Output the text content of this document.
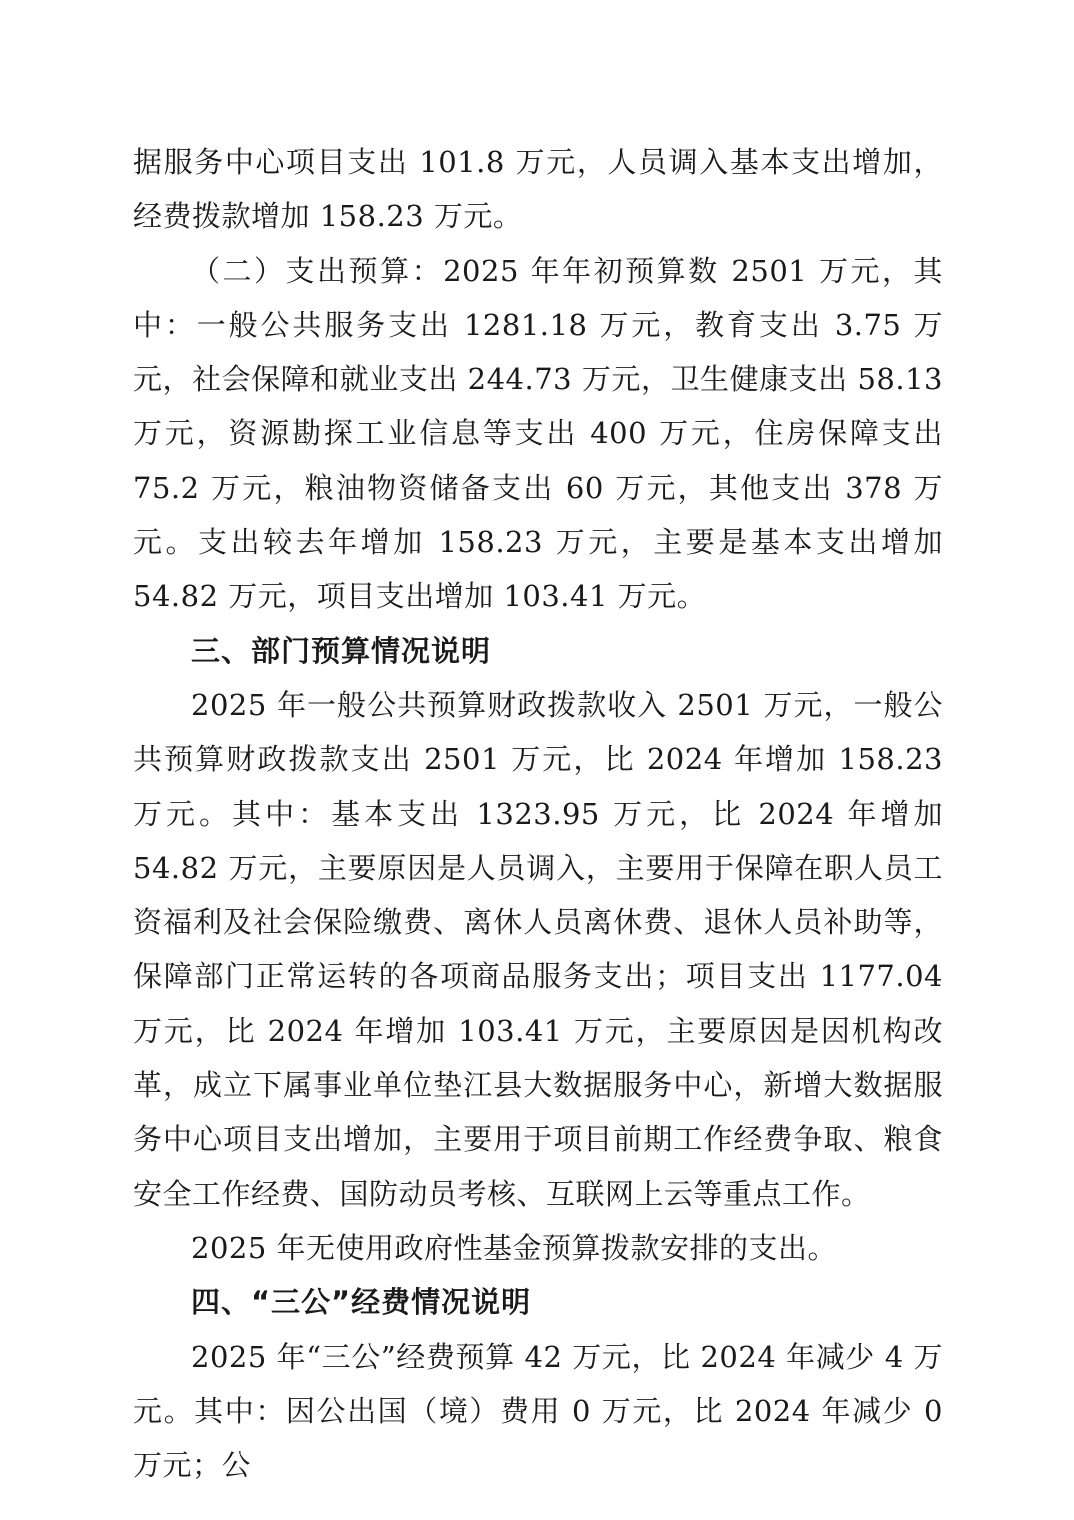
据服务中心项目支出 101.8 万元，人员调入基本支出增加，经费拨款增加 158.23 万元。

（二）支出预算：2025 年年初预算数 2501 万元，其中：一般公共服务支出 1281.18 万元，教育支出 3.75 万元，社会保障和就业支出 244.73 万元，卫生健康支出 58.13 万元，资源勘探工业信息等支出 400 万元，住房保障支出 75.2 万元，粮油物资储备支出 60 万元，其他支出 378 万元。支出较去年增加 158.23 万元，主要是基本支出增加 54.82 万元，项目支出增加 103.41 万元。

三、部门预算情况说明

2025 年一般公共预算财政拨款收入 2501 万元，一般公共预算财政拨款支出 2501 万元，比 2024 年增加 158.23 万元。其中：基本支出 1323.95 万元，比 2024 年增加 54.82 万元，主要原因是人员调入，主要用于保障在职人员工资福利及社会保险缴费、离休人员离休费、退休人员补助等，保障部门正常运转的各项商品服务支出；项目支出 1177.04 万元，比 2024 年增加 103.41 万元，主要原因是因机构改革，成立下属事业单位垫江县大数据服务中心，新增大数据服务中心项目支出增加，主要用于项目前期工作经费争取、粮食安全工作经费、国防动员考核、互联网上云等重点工作。

2025 年无使用政府性基金预算拨款安排的支出。

四、“三公”经费情况说明

2025 年“三公”经费预算 42 万元，比 2024 年减少 4 万元。其中：因公出国（境）费用 0 万元，比 2024 年减少 0 万元；公
